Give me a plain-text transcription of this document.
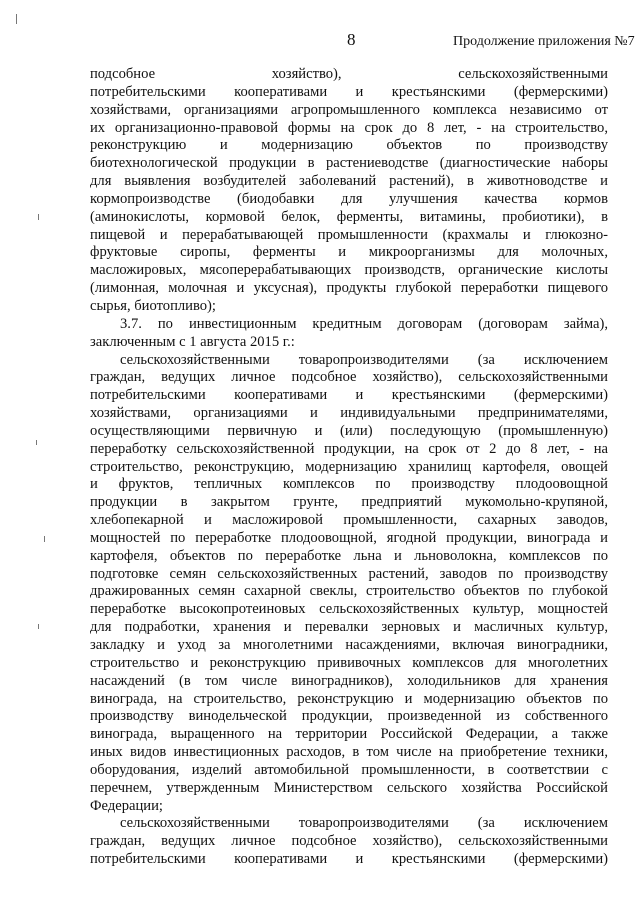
8	Продолжение приложения №7
подсобное хозяйство), сельскохозяйственными
потребительскими кооперативами и крестьянскими (фермерскими)
хозяйствами, организациями агропромышленного комплекса независимо от
их организационно-правовой формы на срок до 8 лет, - на строительство,
реконструкцию и модернизацию объектов по производству
биотехнологической продукции в растениеводстве (диагностические наборы
для выявления возбудителей заболеваний растений), в животноводстве и
кормопроизводстве (биодобавки для улучшения качества кормов
(аминокислоты, кормовой белок, ферменты, витамины, пробиотики), в
пищевой и перерабатывающей промышленности (крахмалы и глюкозно-
фруктовые сиропы, ферменты и микроорганизмы для молочных,
масложировых, мясоперерабатывающих производств, органические кислоты
(лимонная, молочная и уксусная), продукты глубокой переработки пищевого
сырья, биотопливо);
3.7. по инвестиционным кредитным договорам (договорам займа),
заключенным с 1 августа 2015 г.:
сельскохозяйственными товаропроизводителями (за исключением
граждан, ведущих личное подсобное хозяйство), сельскохозяйственными
потребительскими кооперативами и крестьянскими (фермерскими)
хозяйствами, организациями и индивидуальными предпринимателями,
осуществляющими первичную и (или) последующую (промышленную)
переработку сельскохозяйственной продукции, на срок от 2 до 8 лет, - на
строительство, реконструкцию, модернизацию хранилищ картофеля, овощей
и фруктов, тепличных комплексов по производству плодоовощной
продукции в закрытом грунте, предприятий мукомольно-крупяной,
хлебопекарной и масложировой промышленности, сахарных заводов,
мощностей по переработке плодоовощной, ягодной продукции, винограда и
картофеля, объектов по переработке льна и льноволокна, комплексов по
подготовке семян сельскохозяйственных растений, заводов по производству
дражированных семян сахарной свеклы, строительство объектов по глубокой
переработке высокопротеиновых сельскохозяйственных культур, мощностей
для подработки, хранения и перевалки зерновых и масличных культур,
закладку и уход за многолетними насаждениями, включая виноградники,
строительство и реконструкцию прививочных комплексов для многолетних
насаждений (в том числе виноградников), холодильников для хранения
винограда, на строительство, реконструкцию и модернизацию объектов по
производству винодельческой продукции, произведенной из собственного
винограда, выращенного на территории Российской Федерации, а также
иных видов инвестиционных расходов, в том числе на приобретение техники,
оборудования, изделий автомобильной промышленности, в соответствии с
перечнем, утвержденным Министерством сельского хозяйства Российской
Федерации;
сельскохозяйственными товаропроизводителями (за исключением
граждан, ведущих личное подсобное хозяйство), сельскохозяйственными
потребительскими кооперативами и крестьянскими (фермерскими)
